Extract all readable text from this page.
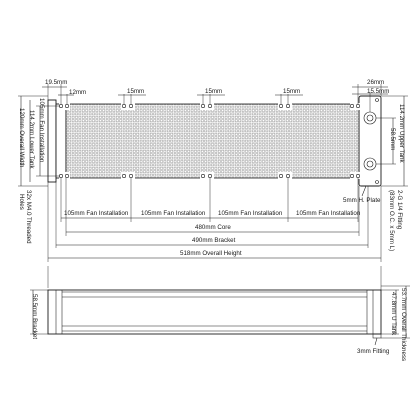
19.5mm
12mm	15mm	15mm	15mm
26mm
15.5mm
105mm Fan Installation
114.2mm Lower Tank
120mm Overall Width	114.2mm Upper Tank
58.5mm
5mm H. Plate	2-G 1/4 Fitting
(83mm O.C. x 5mm L)
32x M4.0 Threaded
Holes
105mm Fan Installation 105mm Fan Installation 105mm Fan Installation 105mm Fan Installation
480mm Core
490mm Bracket
518mm Overall Height
58.5mm Bracket	53.7mm Overall Thickness
47.8mm U Tank
3mm Fitting
